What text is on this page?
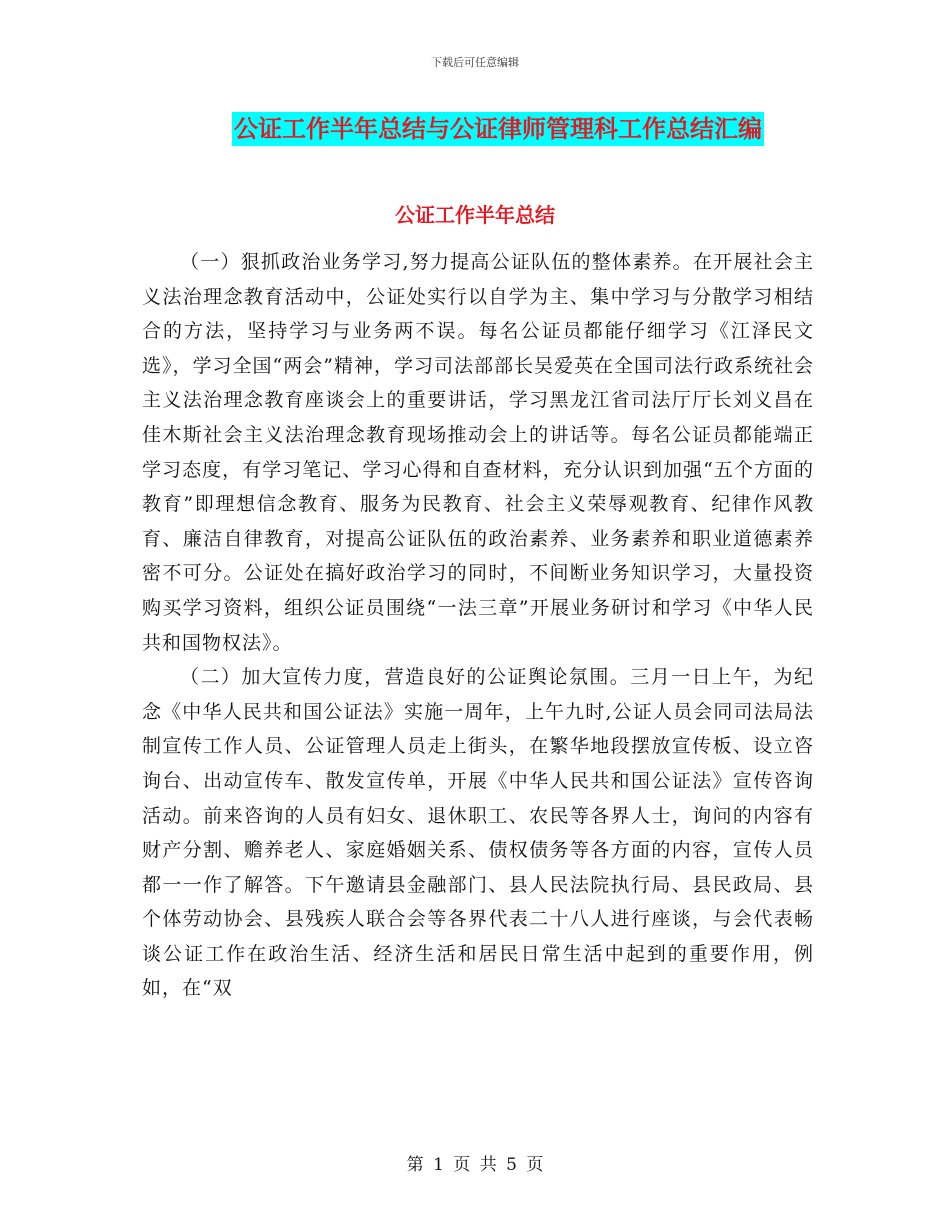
下载后可任意编辑
公证工作半年总结与公证律师管理科工作总结汇编
公证工作半年总结

（一）狠抓政治业务学习,努力提高公证队伍的整体素养。在开展社会主义法治理念教育活动中，公证处实行以自学为主、集中学习与分散学习相结合的方法，坚持学习与业务两不误。每名公证员都能仔细学习《江泽民文选》，学习全国“两会”精神，学习司法部部长吴爱英在全国司法行政系统社会主义法治理念教育座谈会上的重要讲话，学习黑龙江省司法厅厅长刘义昌在佳木斯社会主义法治理念教育现场推动会上的讲话等。每名公证员都能端正学习态度，有学习笔记、学习心得和自查材料，充分认识到加强“五个方面的教育”即理想信念教育、服务为民教育、社会主义荣辱观教育、纪律作风教育、廉洁自律教育，对提高公证队伍的政治素养、业务素养和职业道德素养密不可分。公证处在搞好政治学习的同时，不间断业务知识学习，大量投资购买学习资料，组织公证员围绕“一法三章”开展业务研讨和学习《中华人民共和国物权法》。

（二）加大宣传力度，营造良好的公证舆论氛围。三月一日上午，为纪念《中华人民共和国公证法》实施一周年，上午九时,公证人员会同司法局法制宣传工作人员、公证管理人员走上街头，在繁华地段摆放宣传板、设立咨询台、出动宣传车、散发宣传单，开展《中华人民共和国公证法》宣传咨询活动。前来咨询的人员有妇女、退休职工、农民等各界人士，询问的内容有财产分割、赡养老人、家庭婚姻关系、债权债务等各方面的内容，宣传人员都一一作了解答。下午邀请县金融部门、县人民法院执行局、县民政局、县个体劳动协会、县残疾人联合会等各界代表二十八人进行座谈，与会代表畅谈公证工作在政治生活、经济生活和居民日常生活中起到的重要作用，例如，在“双

第 1 页 共 5 页
